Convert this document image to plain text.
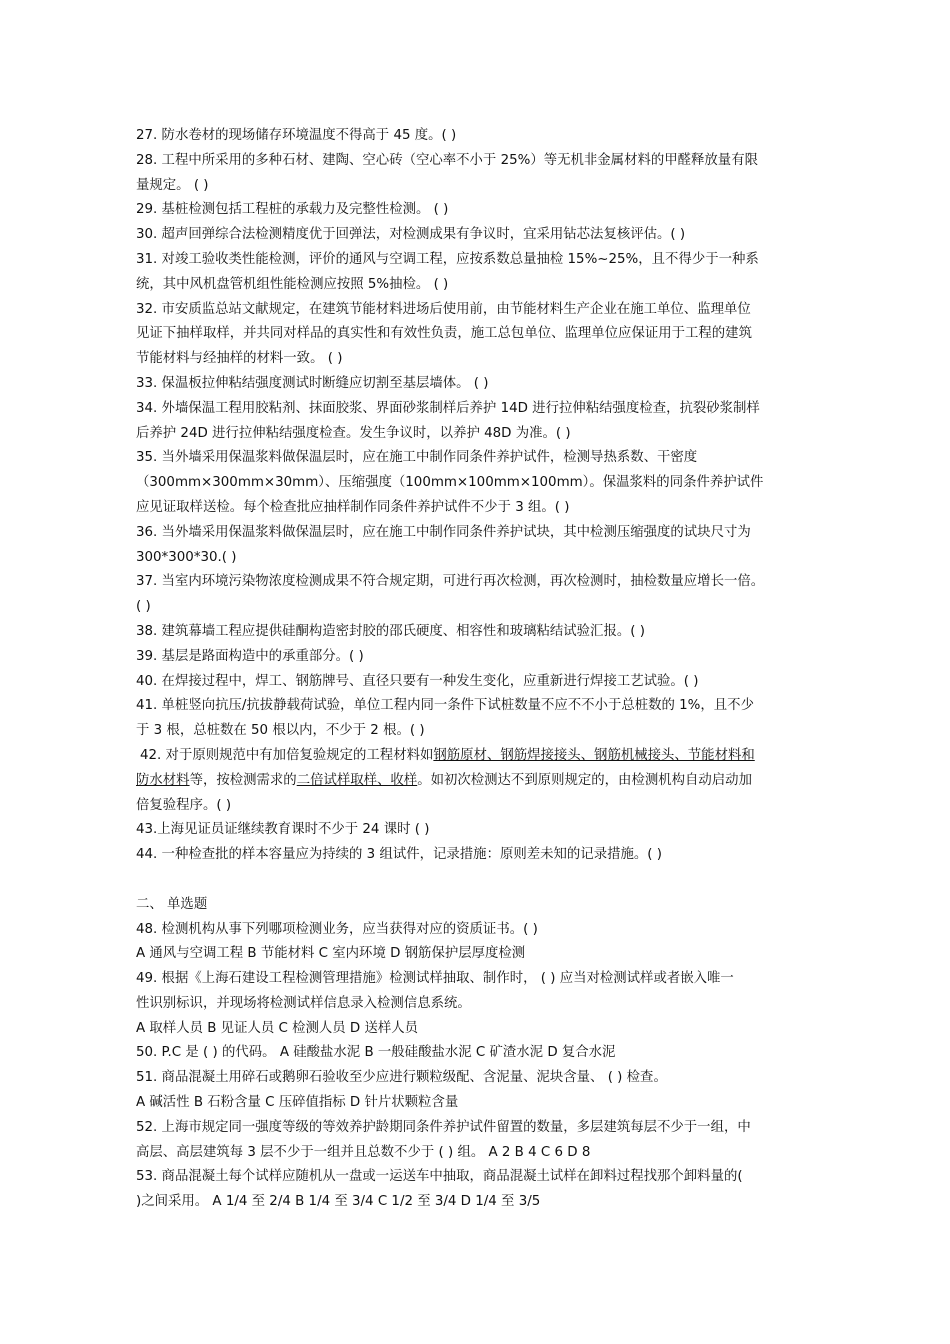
27. 防水卷材的现场储存环境温度不得高于 45 度。( )
28. 工程中所采用的多种石材、建陶、空心砖（空心率不小于 25%）等无机非金属材料的甲醛释放量有限
量规定。 ( )
29. 基桩检测包括工程桩的承载力及完整性检测。 ( )
30. 超声回弹综合法检测精度优于回弹法，对检测成果有争议时，宜采用钻芯法复核评估。( )
31. 对竣工验收类性能检测，评价的通风与空调工程，应按系数总量抽检 15%~25%，且不得少于一种系
统，其中风机盘管机组性能检测应按照 5%抽检。 ( )
32. 市安质监总站文献规定，在建筑节能材料进场后使用前，由节能材料生产企业在施工单位、监理单位
见证下抽样取样，并共同对样品的真实性和有效性负责，施工总包单位、监理单位应保证用于工程的建筑
节能材料与经抽样的材料一致。 ( )
33. 保温板拉伸粘结强度测试时断缝应切割至基层墙体。 ( )
34. 外墙保温工程用胶粘剂、抹面胶浆、界面砂浆制样后养护 14D 进行拉伸粘结强度检查，抗裂砂浆制样
后养护 24D 进行拉伸粘结强度检查。发生争议时，以养护 48D 为准。( )
35. 当外墙采用保温浆料做保温层时，应在施工中制作同条件养护试件，检测导热系数、干密度
（300mm×300mm×30mm）、压缩强度（100mm×100mm×100mm）。保温浆料的同条件养护试件
应见证取样送检。每个检查批应抽样制作同条件养护试件不少于 3 组。( )
36. 当外墙采用保温浆料做保温层时，应在施工中制作同条件养护试块，其中检测压缩强度的试块尺寸为
300*300*30.( )
37. 当室内环境污染物浓度检测成果不符合规定期，可进行再次检测，再次检测时，抽检数量应增长一倍。
( )
38. 建筑幕墙工程应提供硅酮构造密封胶的邵氏硬度、相容性和玻璃粘结试验汇报。( )
39. 基层是路面构造中的承重部分。( )
40. 在焊接过程中，焊工、钢筋牌号、直径只要有一种发生变化，应重新进行焊接工艺试验。( )
41. 单桩竖向抗压/抗拔静载荷试验，单位工程内同一条件下试桩数量不应不不小于总桩数的 1%，且不少
于 3 根，总桩数在 50 根以内，不少于 2 根。( )
42. 对于原则规范中有加倍复验规定的工程材料如钢筋原材、钢筋焊接接头、钢筋机械接头、节能材料和
防水材料等，按检测需求的二倍试样取样、收样。如初次检测达不到原则规定的，由检测机构自动启动加
倍复验程序。( )
43.上海见证员证继续教育课时不少于 24 课时 ( )
44. 一种检查批的样本容量应为持续的 3 组试件，记录措施：原则差未知的记录措施。( )
二、 单选题
48. 检测机构从事下列哪项检测业务，应当获得对应的资质证书。( )
A 通风与空调工程 B 节能材料 C 室内环境 D 钢筋保护层厚度检测
49. 根据《上海石建设工程检测管理措施》检测试样抽取、制作时， ( ) 应当对检测试样或者嵌入唯一
性识别标识，并现场将检测试样信息录入检测信息系统。
A 取样人员 B 见证人员 C 检测人员 D 送样人员
50. P.C 是 ( ) 的代码。 A 硅酸盐水泥 B 一般硅酸盐水泥 C 矿渣水泥 D 复合水泥
51. 商品混凝土用碎石或鹅卵石验收至少应进行颗粒级配、含泥量、泥块含量、 ( ) 检查。
A 碱活性 B 石粉含量 C 压碎值指标 D 针片状颗粒含量
52. 上海市规定同一强度等级的等效养护龄期同条件养护试件留置的数量，多层建筑每层不少于一组，中
高层、高层建筑每 3 层不少于一组并且总数不少于 ( ) 组。 A 2 B 4 C 6 D 8
53. 商品混凝土每个试样应随机从一盘或一运送车中抽取，商品混凝土试样在卸料过程找那个卸料量的(
)之间采用。 A 1/4 至 2/4 B 1/4 至 3/4 C 1/2 至 3/4 D 1/4 至 3/5
